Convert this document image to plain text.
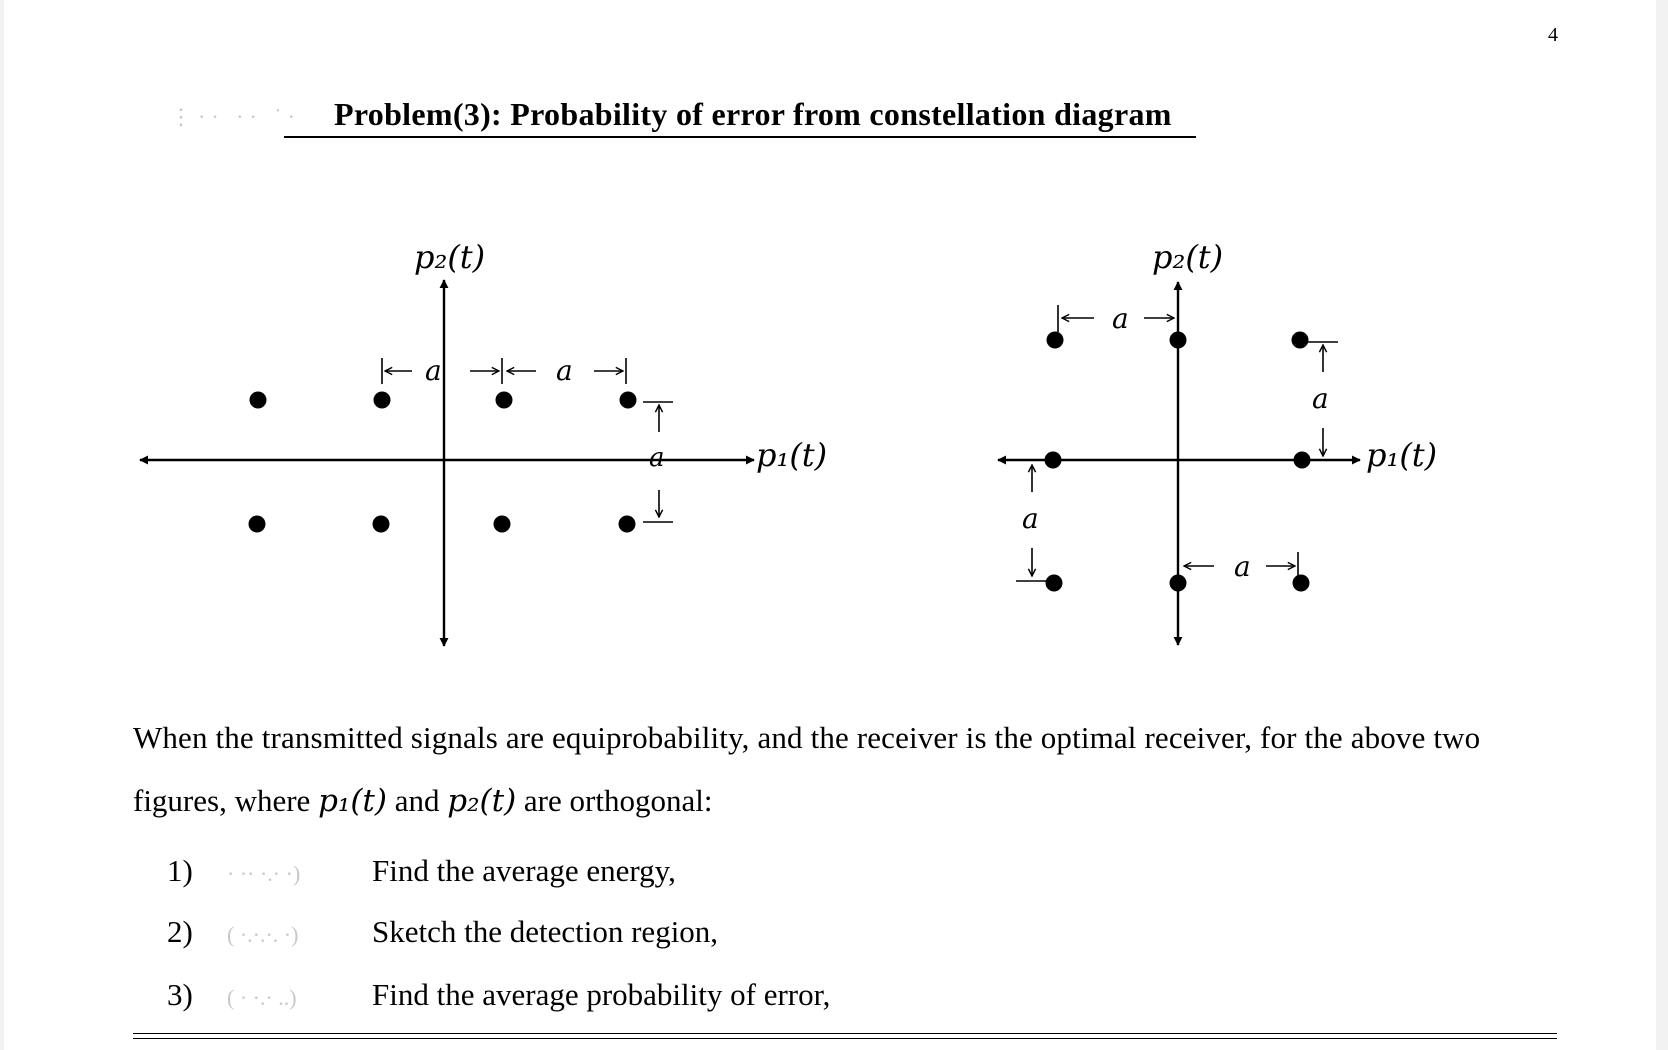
4
⋮·· ·· ˙· Problem(3): Probability of error from constellation diagram
p₂(t)
p₁(t)
a	a
a
p₂(t)
p₁(t)
a
a
a
a
When the transmitted signals are equiprobability, and the receiver is the optimal receiver, for the above two
figures, where p₁(t) and p₂(t) are orthogonal:
1) · ·· ·.· ·) Find the average energy,
2) ( ·.·.·. ·) Sketch the detection region,
3) ( · ·.· ..) Find the average probability of error,
